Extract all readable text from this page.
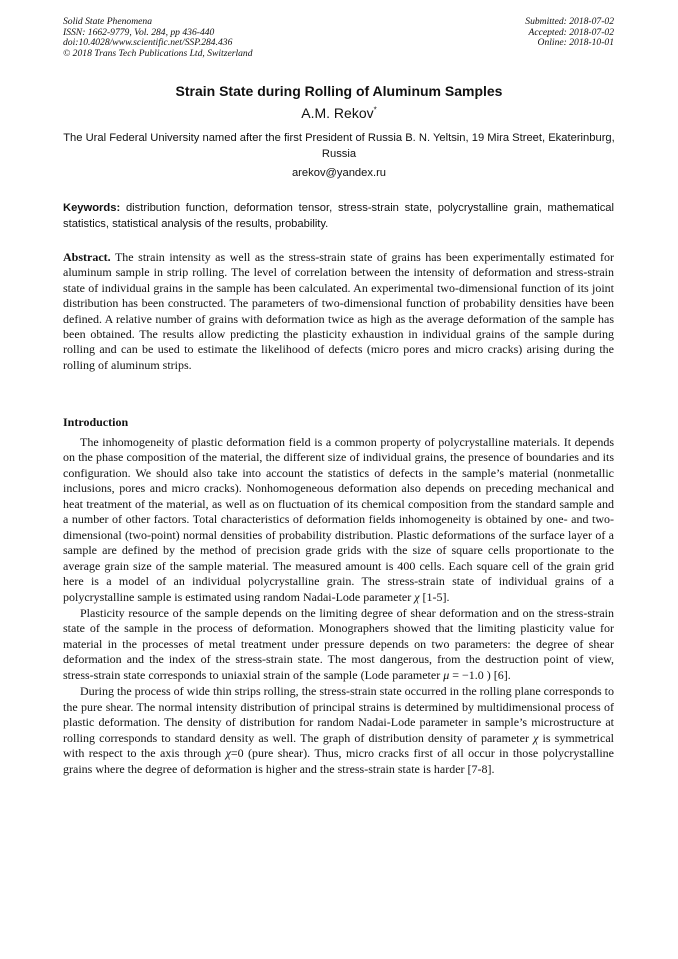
Solid State Phenomena
ISSN: 1662-9779, Vol. 284, pp 436-440
doi:10.4028/www.scientific.net/SSP.284.436
© 2018 Trans Tech Publications Ltd, Switzerland
Submitted: 2018-07-02
Accepted: 2018-07-02
Online: 2018-10-01
Strain State during Rolling of Aluminum Samples
A.M. Rekov*
The Ural Federal University named after the first President of Russia B. N. Yeltsin, 19 Mira Street, Ekaterinburg, Russia
arekov@yandex.ru
Keywords: distribution function, deformation tensor, stress-strain state, polycrystalline grain, mathematical statistics, statistical analysis of the results, probability.
Abstract. The strain intensity as well as the stress-strain state of grains has been experimentally estimated for aluminum sample in strip rolling. The level of correlation between the intensity of deformation and stress-strain state of individual grains in the sample has been calculated. An experimental two-dimensional function of its joint distribution has been constructed. The parameters of two-dimensional function of probability densities have been defined. A relative number of grains with deformation twice as high as the average deformation of the sample has been obtained. The results allow predicting the plasticity exhaustion in individual grains of the sample during rolling and can be used to estimate the likelihood of defects (micro pores and micro cracks) arising during the rolling of aluminum strips.
Introduction

The inhomogeneity of plastic deformation field is a common property of polycrystalline materials. It depends on the phase composition of the material, the different size of individual grains, the presence of boundaries and its configuration. We should also take into account the statistics of defects in the sample’s material (nonmetallic inclusions, pores and micro cracks). Nonhomogeneous deformation also depends on preceding mechanical and heat treatment of the material, as well as on fluctuation of its chemical composition from the standard sample and a number of other factors. Total characteristics of deformation fields inhomogeneity is obtained by one- and two-dimensional (two-point) normal densities of probability distribution. Plastic deformations of the surface layer of a sample are defined by the method of precision grade grids with the size of square cells proportionate to the average grain size of the sample material. The measured amount is 400 cells. Each square cell of the grain grid here is a model of an individual polycrystalline grain. The stress-strain state of individual grains of a polycrystalline sample is estimated using random Nadai-Lode parameter χ [1-5].

Plasticity resource of the sample depends on the limiting degree of shear deformation and on the stress-strain state of the sample in the process of deformation. Monographers showed that the limiting plasticity value for material in the processes of metal treatment under pressure depends on two parameters: the degree of shear deformation and the index of the stress-strain state. The most dangerous, from the destruction point of view, stress-strain state corresponds to uniaxial strain of the sample (Lode parameter μ = −1.0 ) [6].

During the process of wide thin strips rolling, the stress-strain state occurred in the rolling plane corresponds to the pure shear. The normal intensity distribution of principal strains is determined by multidimensional process of plastic deformation. The density of distribution for random Nadai-Lode parameter in sample’s microstructure at rolling corresponds to standard density as well. The graph of distribution density of parameter χ is symmetrical with respect to the axis through χ=0 (pure shear). Thus, micro cracks first of all occur in those polycrystalline grains where the degree of deformation is higher and the stress-strain state is harder [7-8].
